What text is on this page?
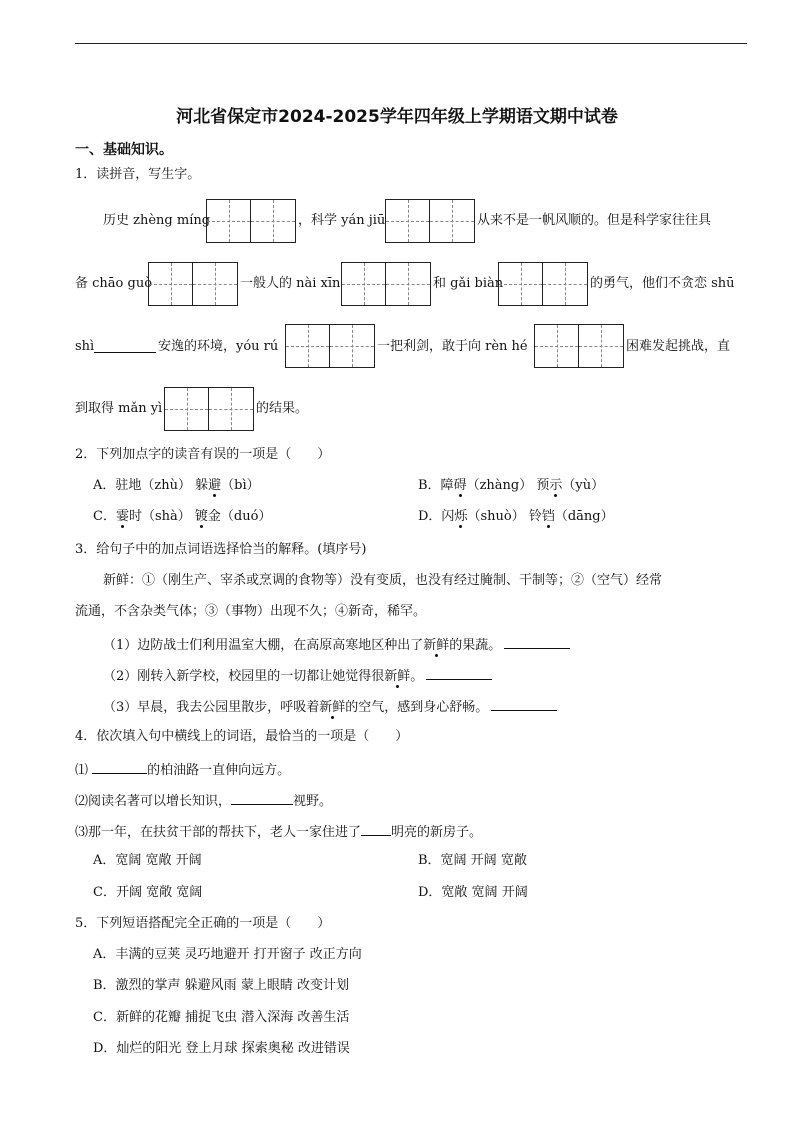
河北省保定市2024-2025学年四年级上学期语文期中试卷
一、基础知识。
1．读拼音，写生字。
历史 zhèng míng	，科学 yán jiū	从来不是一帆风顺的。但是科学家往往具
备 chāo guò	一般人的 nài xīn	和 gǎi biàn	的勇气，他们不贪恋 shū
shì	安逸的环境，yóu rú	一把利剑，敢于向 rèn hé	困难发起挑战，直
到取得 mǎn yì	的结果。
2．下列加点字的读音有误的一项是（　　）
A．驻地（zhù） 躲避（bì）	B．障碍（zhàng） 预示（yù）
C．霎时（shà） 镀金（duó）	D．闪烁（shuò） 铃铛（dāng）
3．给句子中的加点词语选择恰当的解释。(填序号)
新鲜：①（刚生产、宰杀或烹调的食物等）没有变质，也没有经过腌制、干制等；②（空气）经常
流通，不含杂类气体；③（事物）出现不久；④新奇，稀罕。
（1）边防战士们利用温室大棚，在高原高寒地区种出了新鲜的果蔬。
（2）刚转入新学校，校园里的一切都让她觉得很新鲜。
（3）早晨，我去公园里散步，呼吸着新鲜的空气，感到身心舒畅。
4．依次填入句中横线上的词语，最恰当的一项是（　　）
⑴	的柏油路一直伸向远方。
⑵阅读名著可以增长知识，	视野。
⑶那一年，在扶贫干部的帮扶下，老人一家住进了 明亮的新房子。
A．宽阔 宽敞 开阔	B．宽阔 开阔 宽敞
C．开阔 宽敞 宽阔	D．宽敞 宽阔 开阔
5．下列短语搭配完全正确的一项是（　　）
A．丰满的豆荚 灵巧地避开 打开窗子 改正方向
B．激烈的掌声 躲避风雨 蒙上眼睛 改变计划
C．新鲜的花瓣 捕捉飞虫 潜入深海 改善生活
D．灿烂的阳光 登上月球 探索奥秘 改进错误
